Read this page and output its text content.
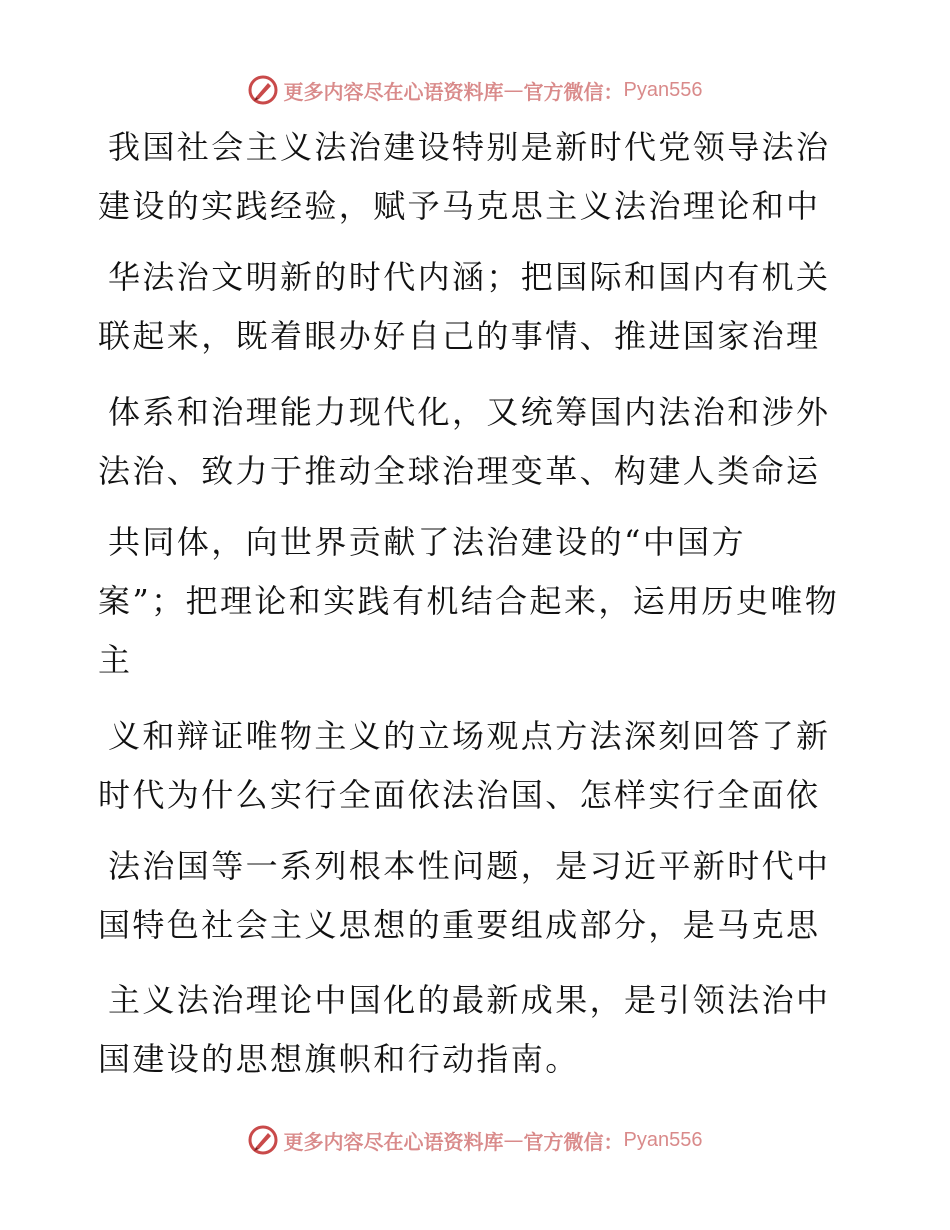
更多内容尽在心语资料库 — 官方微信： Pyan556
我国社会主义法治建设特别是新时代党领导法治
建设的实践经验，赋予马克思主义法治理论和中
华法治文明新的时代内涵；把国际和国内有机关
联起来，既着眼办好自己的事情、推进国家治理
体系和治理能力现代化，又统筹国内法治和涉外
法治、致力于推动全球治理变革、构建人类命运
共同体，向世界贡献了法治建设的“中国方
案”；把理论和实践有机结合起来，运用历史唯物
主
义和辩证唯物主义的立场观点方法深刻回答了新
时代为什么实行全面依法治国、怎样实行全面依
法治国等一系列根本性问题，是习近平新时代中
国特色社会主义思想的重要组成部分，是马克思
主义法治理论中国化的最新成果，是引领法治中
国建设的思想旗帜和行动指南。
更多内容尽在心语资料库 — 官方微信： Pyan556
